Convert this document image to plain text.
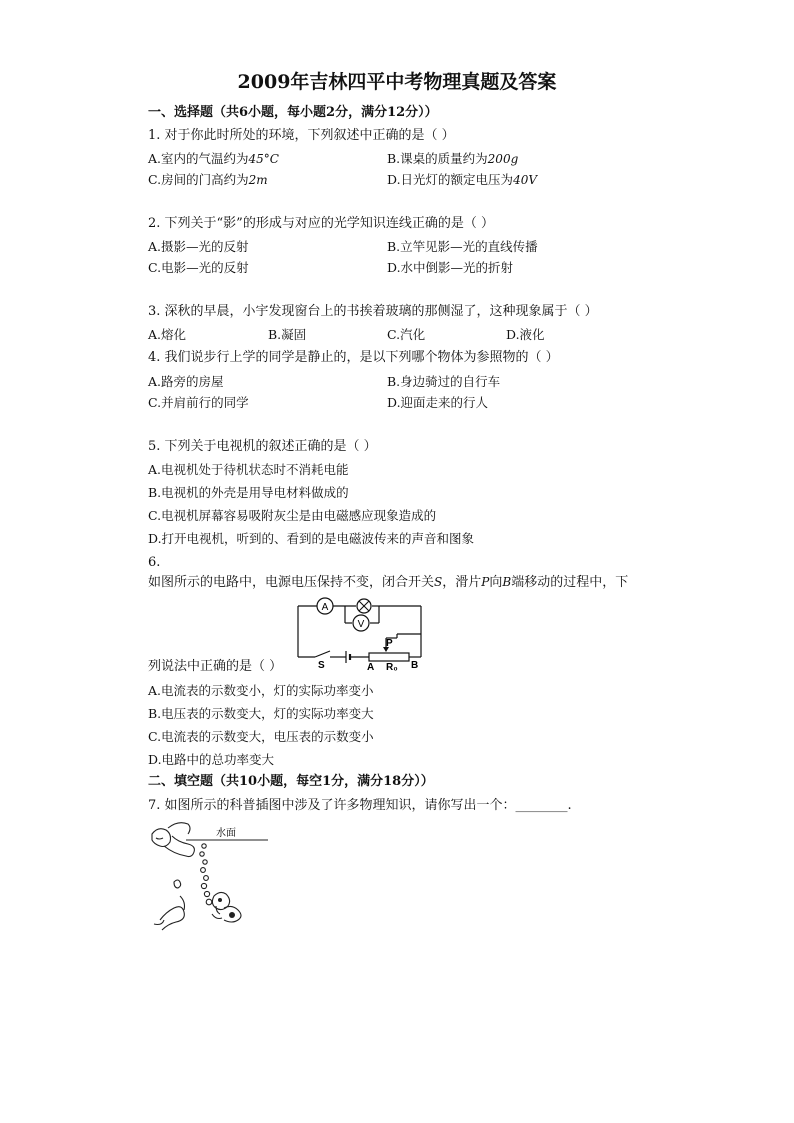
2009年吉林四平中考物理真题及答案
一、选择题（共6小题，每小题2分，满分12分））
1. 对于你此时所处的环境，下列叙述中正确的是（ ）
A.室内的气温约为45°C	B.课桌的质量约为200g
C.房间的门高约为2m	D.日光灯的额定电压为40V
2. 下列关于“影”的形成与对应的光学知识连线正确的是（ ）
A.摄影—光的反射	B.立竿见影—光的直线传播
C.电影—光的反射	D.水中倒影—光的折射
3. 深秋的早晨，小宇发现窗台上的书挨着玻璃的那侧湿了，这种现象属于（ ）
A.熔化	B.凝固	C.汽化	D.液化
4. 我们说步行上学的同学是静止的，是以下列哪个物体为参照物的（ ）
A.路旁的房屋	B.身边骑过的自行车
C.并肩前行的同学	D.迎面走来的行人
5. 下列关于电视机的叙述正确的是（ ）
A.电视机处于待机状态时不消耗电能
B.电视机的外壳是用导电材料做成的
C.电视机屏幕容易吸附灰尘是由电磁感应现象造成的
D.打开电视机，听到的、看到的是电磁波传来的声音和图象
6.
如图所示的电路中，电源电压保持不变，闭合开关S，滑片P向B端移动的过程中，下
A
V
P
S	A R₀ B
列说法中正确的是（ ）
A.电流表的示数变小，灯的实际功率变小
B.电压表的示数变大，灯的实际功率变大
C.电流表的示数变大，电压表的示数变小
D.电路中的总功率变大
二、填空题（共10小题，每空1分，满分18分））
7. 如图所示的科普插图中涉及了许多物理知识，请你写出一个：________.
水面
